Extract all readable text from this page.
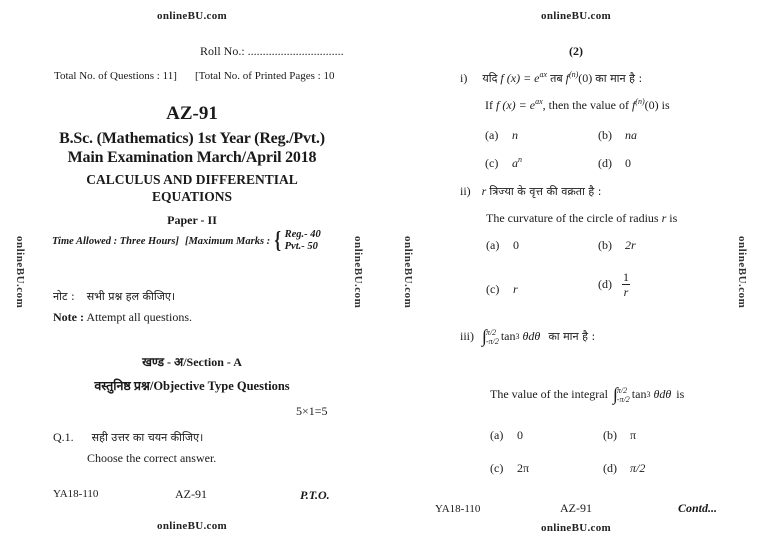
onlineBU.com
Roll No.: ................................
Total No. of Questions : 11] [Total No. of Printed Pages : 10
AZ-91
B.Sc. (Mathematics) 1st Year (Reg./Pvt.)
Main Examination March/April 2018
CALCULUS AND DIFFERENTIAL
EQUATIONS
Paper - II
Time Allowed : Three Hours] [Maximum Marks : { Reg.- 40
Pvt.- 50
नोट : सभी प्रश्न हल कीजिए।
Note : Attempt all questions.
खण्ड - अ/Section - A
वस्तुनिष्ठ प्रश्न/Objective Type Questions
5×1=5
Q.1. सही उत्तर का चयन कीजिए।
Choose the correct answer.
YA18-110	AZ-91	P.T.O.
onlineBU.com
onlineBU.com	onlineBU.com
onlineBU.com
(2)
i) यदि f $(x) = e^{ax}$ तब $f^{(n)}(0)$ का मान है :
If f $(x) = e^{ax}$, then the value of $f^{(n)}(0)$ is
(a) n	(b) na
(c) $a^n$	(d) 0
ii) r त्रिज्या के वृत्त की वक्रता है :
The curvature of the circle of radius r is
(a) 0	(b) 2r
(c) r	$(d) \frac{1}{r}$
iii) ∫ π/2
-π/2 tan 3 θdθ का मान है :
The value of the integral ∫ π/2
-π/2 tan 3 θdθ is
(a) 0	(b) π
(c) 2π	(d) π/2
YA18-110	AZ-91	Contd...
onlineBU.com
onlineBU.com	onlineBU.com
